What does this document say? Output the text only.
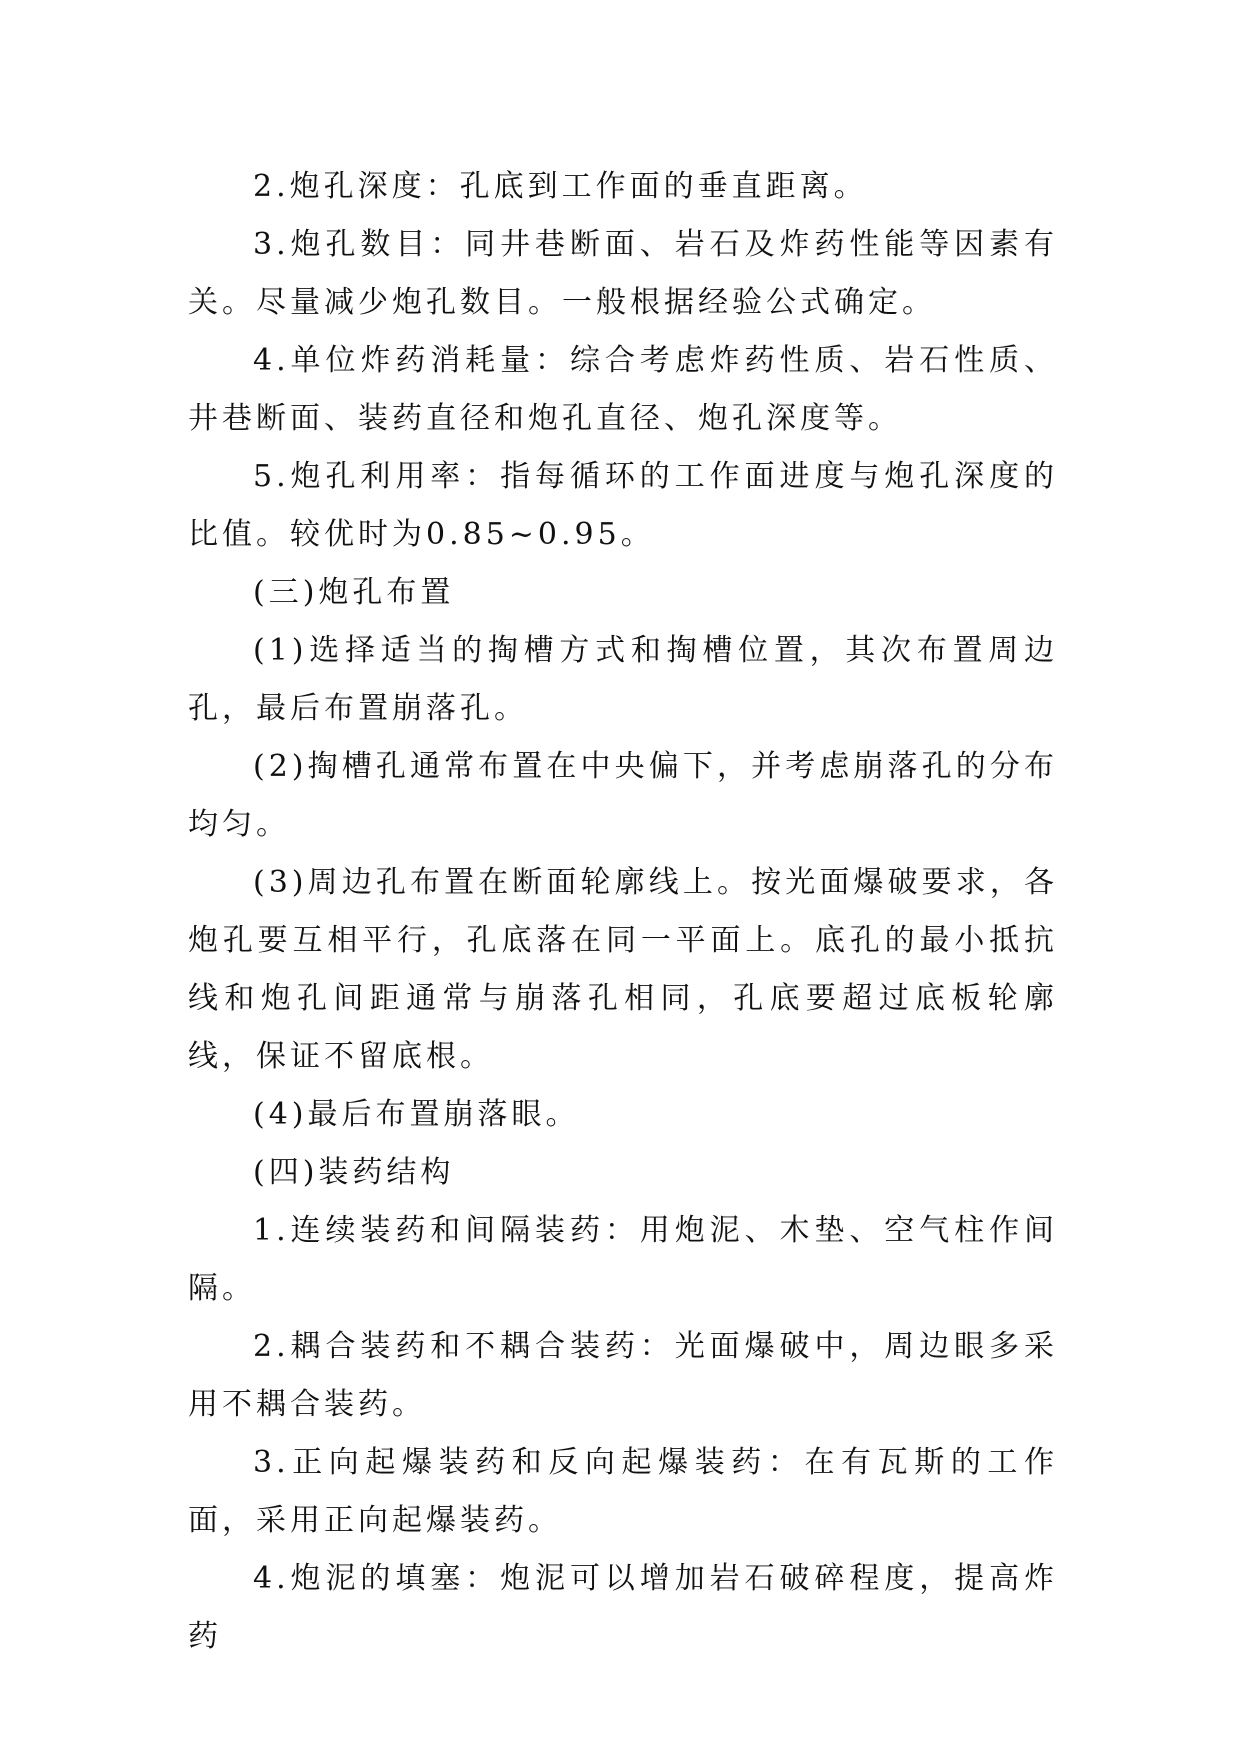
2.炮孔深度：孔底到工作面的垂直距离。

3.炮孔数目：同井巷断面、岩石及炸药性能等因素有关。尽量减少炮孔数目。一般根据经验公式确定。

4.单位炸药消耗量：综合考虑炸药性质、岩石性质、井巷断面、装药直径和炮孔直径、炮孔深度等。

5.炮孔利用率：指每循环的工作面进度与炮孔深度的比值。较优时为0.85~0.95。

(三)炮孔布置

(1)选择适当的掏槽方式和掏槽位置，其次布置周边孔，最后布置崩落孔。

(2)掏槽孔通常布置在中央偏下，并考虑崩落孔的分布均匀。

(3)周边孔布置在断面轮廓线上。按光面爆破要求，各炮孔要互相平行，孔底落在同一平面上。底孔的最小抵抗线和炮孔间距通常与崩落孔相同，孔底要超过底板轮廓线，保证不留底根。

(4)最后布置崩落眼。

(四)装药结构

1.连续装药和间隔装药：用炮泥、木垫、空气柱作间隔。

2.耦合装药和不耦合装药：光面爆破中，周边眼多采用不耦合装药。

3.正向起爆装药和反向起爆装药：在有瓦斯的工作面，采用正向起爆装药。

4.炮泥的填塞：炮泥可以增加岩石破碎程度，提高炸药
